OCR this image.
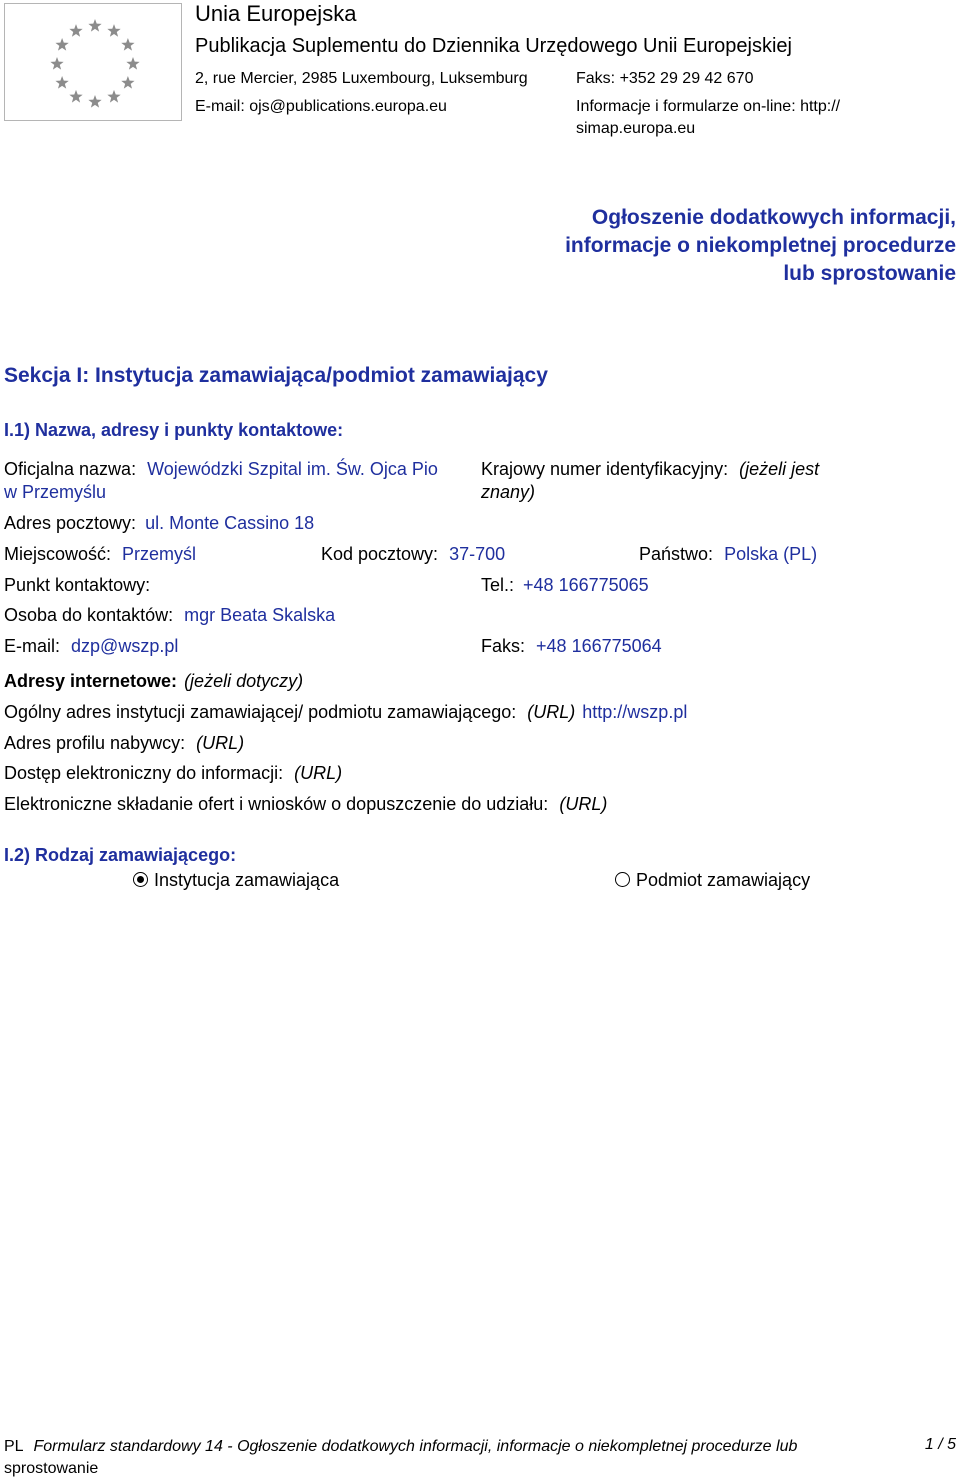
Unia Europejska
Publikacja Suplementu do Dziennika Urzędowego Unii Europejskiej
2, rue Mercier, 2985 Luxembourg, Luksemburg	Faks: +352 29 29 42 670
E-mail: ojs@publications.europa.eu	Informacje i formularze on-line: http://
simap.europa.eu
Ogłoszenie dodatkowych informacji, informacje o niekompletnej procedurze lub sprostowanie
Sekcja I: Instytucja zamawiająca/podmiot zamawiający
I.1) Nazwa, adresy i punkty kontaktowe:
Oficjalna nazwa: Wojewódzki Szpital im. Św. Ojca Pio
w Przemyślu
Krajowy numer identyfikacyjny: (jeżeli jest
znany)
Adres pocztowy: ul. Monte Cassino 18
Miejscowość: Przemyśl	Kod pocztowy: 37-700	Państwo: Polska (PL)
Punkt kontaktowy:	Tel.: +48 166775065
Osoba do kontaktów: mgr Beata Skalska
E-mail: dzp@wszp.pl	Faks: +48 166775064
Adresy internetowe: (jeżeli dotyczy)
Ogólny adres instytucji zamawiającej/ podmiotu zamawiającego: (URL) http://wszp.pl
Adres profilu nabywcy: (URL)
Dostęp elektroniczny do informacji: (URL)
Elektroniczne składanie ofert i wniosków o dopuszczenie do udziału: (URL)
I.2) Rodzaj zamawiającego:
Instytucja zamawiająca	Podmiot zamawiający
PL Formularz standardowy 14 - Ogłoszenie dodatkowych informacji, informacje o niekompletnej procedurze lub
sprostowanie
1 / 5
